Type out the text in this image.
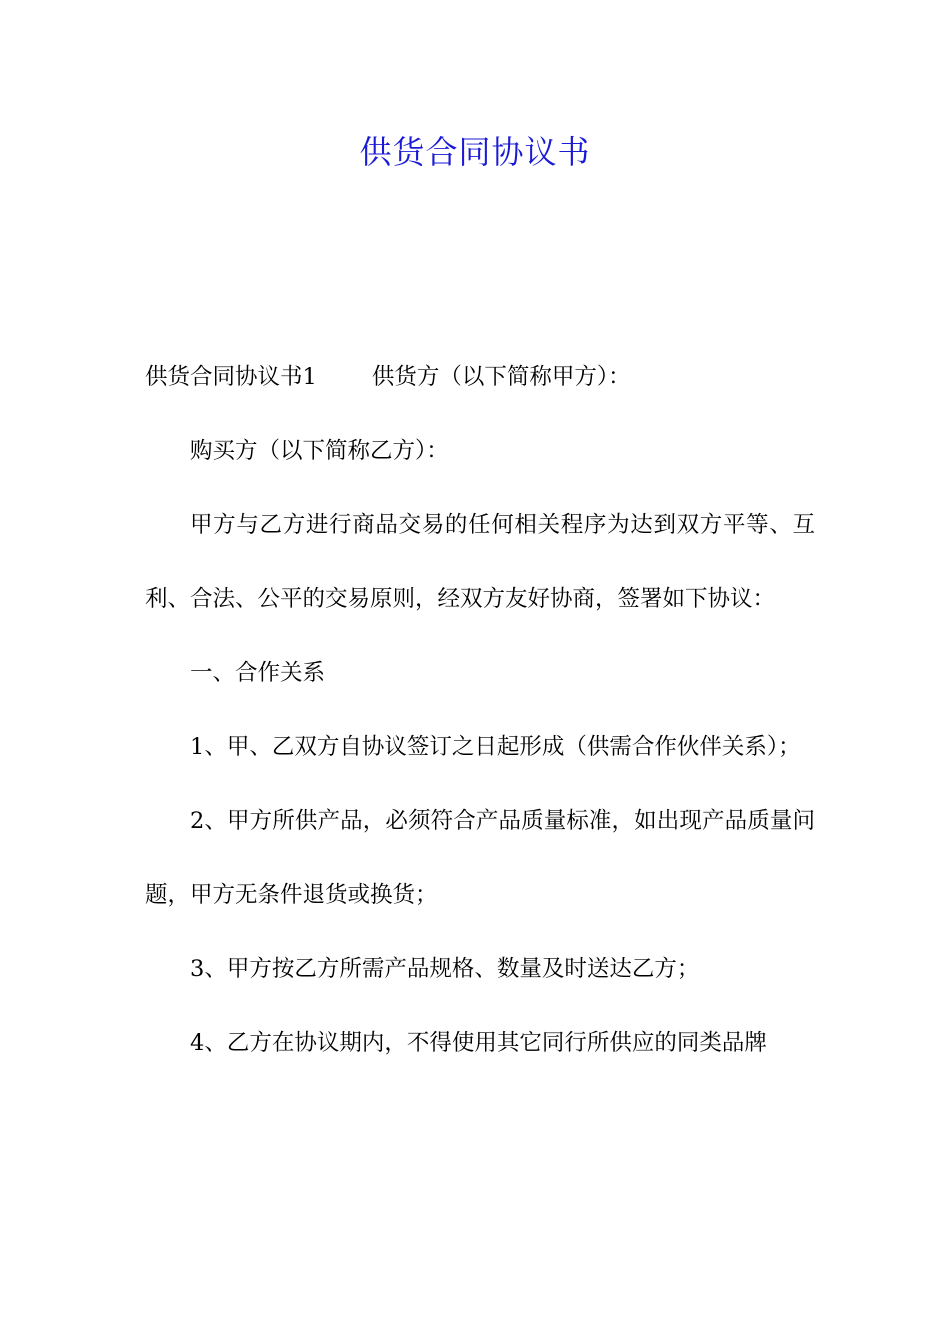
供货合同协议书

供货合同协议书1 供货方（以下简称甲方）：

购买方（以下简称乙方）：

甲方与乙方进行商品交易的任何相关程序为达到双方平等、互利、合法、公平的交易原则，经双方友好协商，签署如下协议：

一、合作关系

1、甲、乙双方自协议签订之日起形成（供需合作伙伴关系）；

2、甲方所供产品，必须符合产品质量标准，如出现产品质量问题，甲方无条件退货或换货；

3、甲方按乙方所需产品规格、数量及时送达乙方；

4、乙方在协议期内，不得使用其它同行所供应的同类品牌
